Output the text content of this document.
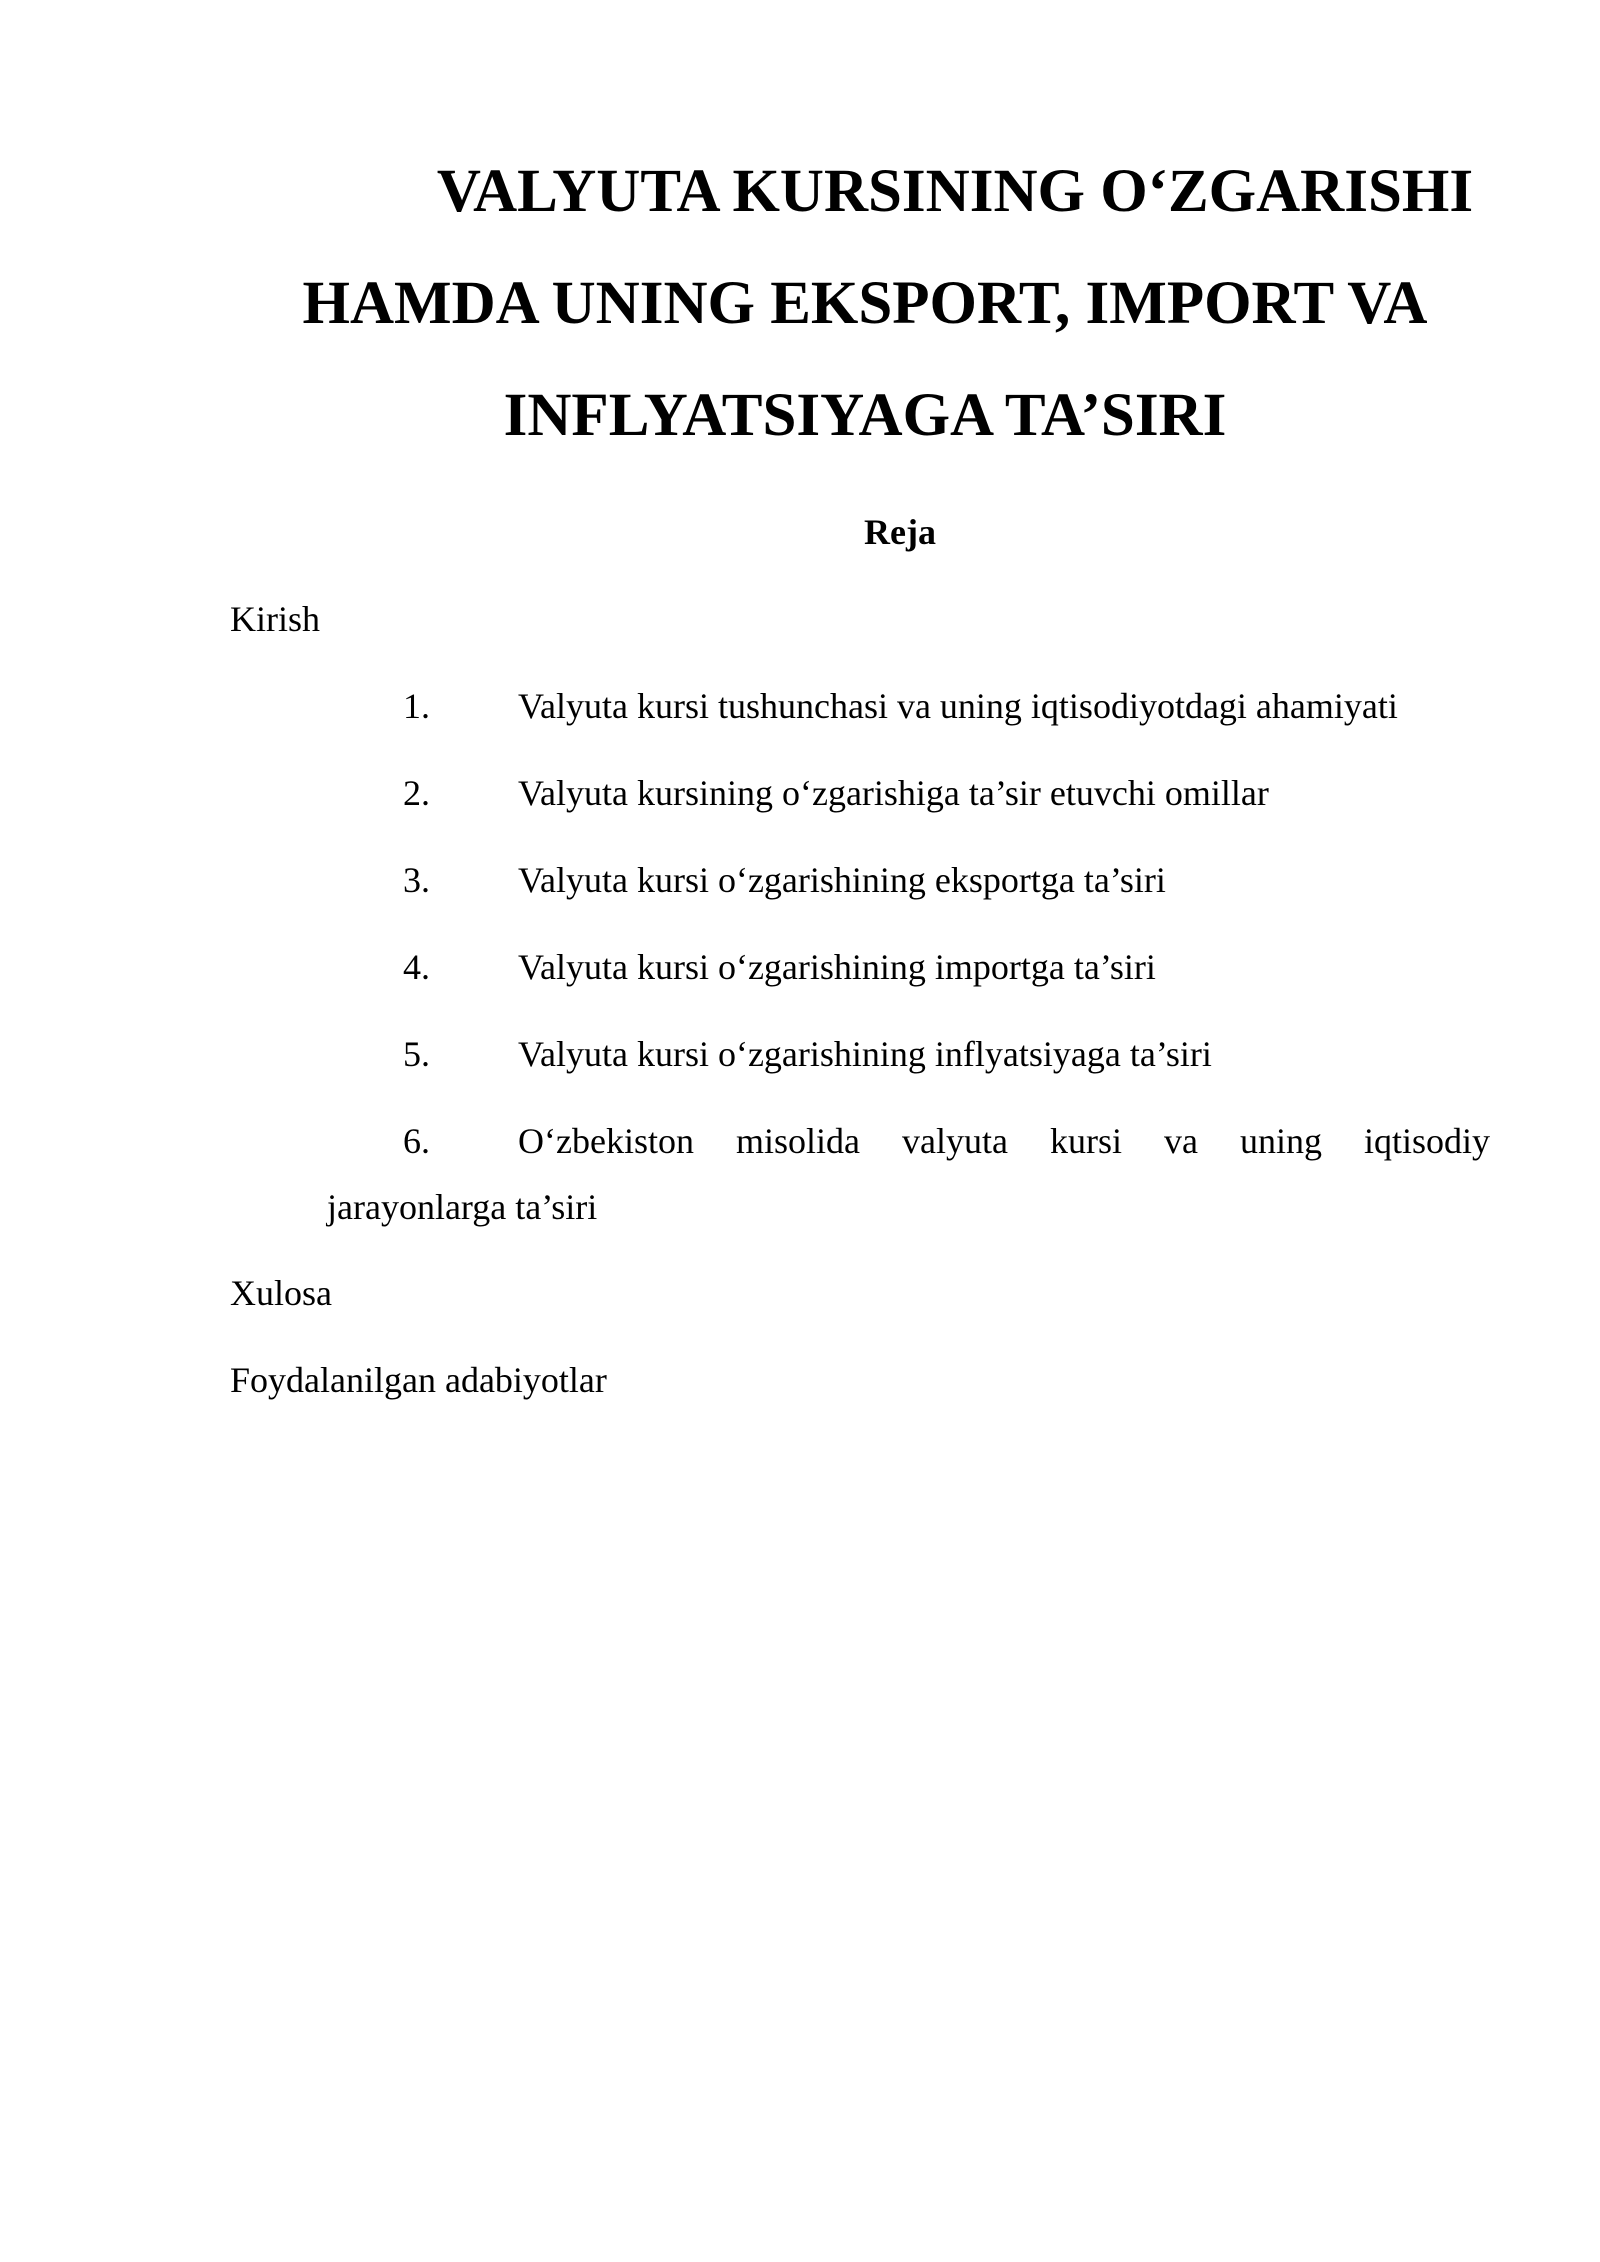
VALYUTA KURSINING O‘ZGARISHI
HAMDA UNING EKSPORT, IMPORT VA
INFLYATSIYAGA TA’SIRI

Reja

Kirish

1. Valyuta kursi tushunchasi va uning iqtisodiyotdagi ahamiyati

2. Valyuta kursining o‘zgarishiga ta’sir etuvchi omillar

3. Valyuta kursi o‘zgarishining eksportga ta’siri

4. Valyuta kursi o‘zgarishining importga ta’siri

5. Valyuta kursi o‘zgarishining inflyatsiyaga ta’siri

6. O‘zbekiston misolida valyuta kursi va uning iqtisodiy
jarayonlarga ta’siri

Xulosa

Foydalanilgan adabiyotlar
